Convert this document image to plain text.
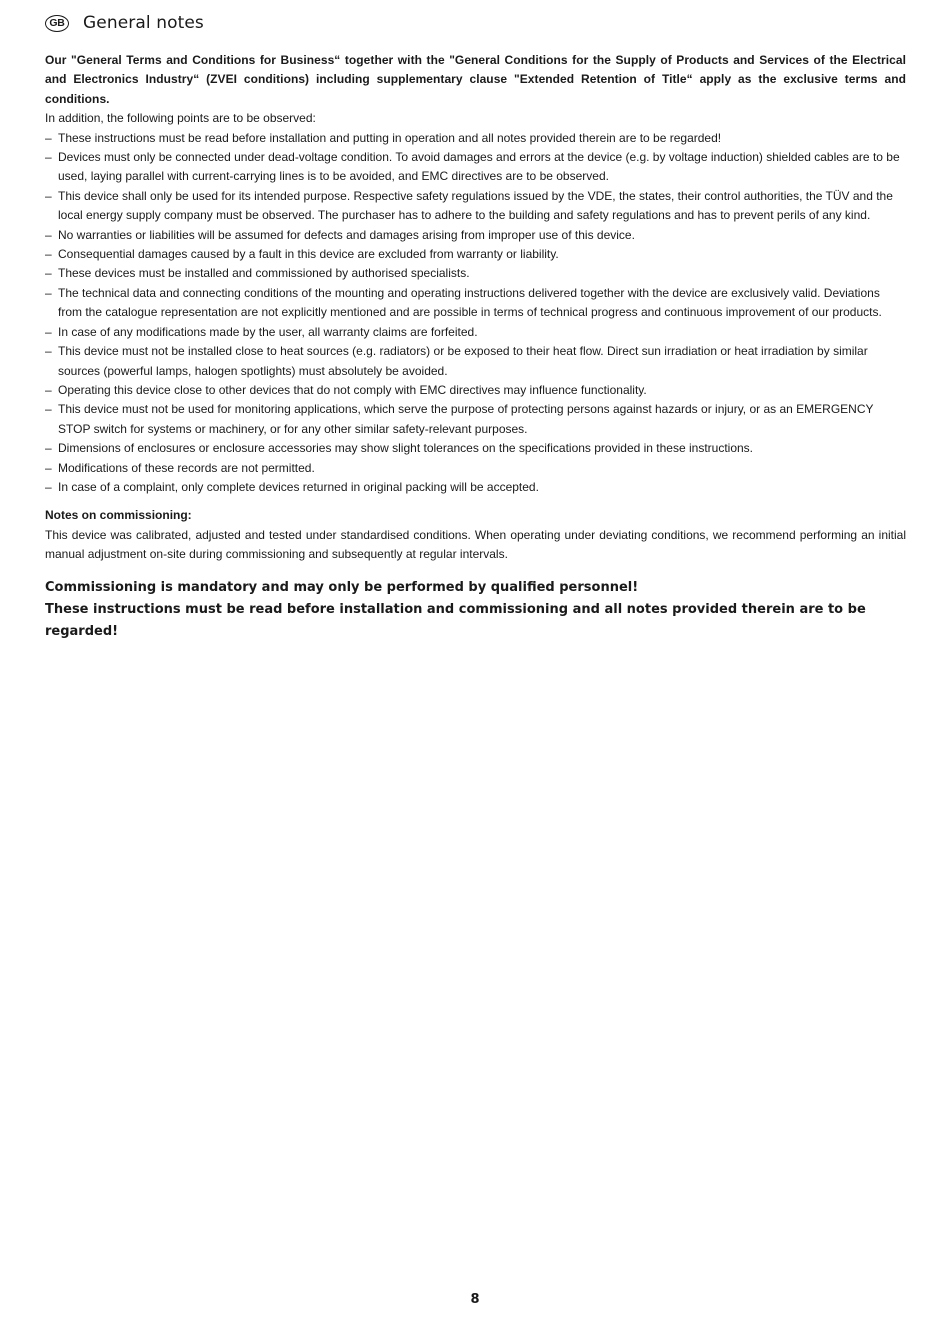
GB General notes
Our "General Terms and Conditions for Business“ together with the "General Conditions for the Supply of Products and Services of the Electrical and Electronics Industry“ (ZVEI conditions) including supplementary clause "Extended Retention of Title“ apply as the exclusive terms and conditions.

In addition, the following points are to be observed:

– These instructions must be read before installation and putting in operation and all notes provided therein are to be regarded!
– Devices must only be connected under dead-voltage condition. To avoid damages and errors at the device (e.g. by voltage induction) shielded cables are to be used, laying parallel with current-carrying lines is to be avoided, and EMC directives are to be observed.
– This device shall only be used for its intended purpose. Respective safety regulations issued by the VDE, the states, their control authorities, the TÜV and the local energy supply company must be observed. The purchaser has to adhere to the building and safety regulations and has to prevent perils of any kind.
– No warranties or liabilities will be assumed for defects and damages arising from improper use of this device.
– Consequential damages caused by a fault in this device are excluded from warranty or liability.
– These devices must be installed and commissioned by authorised specialists.
– The technical data and connecting conditions of the mounting and operating instructions delivered together with the device are exclusively valid. Deviations from the catalogue representation are not explicitly mentioned and are possible in terms of technical progress and continuous improvement of our products.
– In case of any modifications made by the user, all warranty claims are forfeited.
– This device must not be installed close to heat sources (e.g. radiators) or be exposed to their heat flow. Direct sun irradiation or heat irradiation by similar sources (powerful lamps, halogen spotlights) must absolutely be avoided.
– Operating this device close to other devices that do not comply with EMC directives may influence functionality.
– This device must not be used for monitoring applications, which serve the purpose of protecting persons against hazards or injury, or as an EMERGENCY STOP switch for systems or machinery, or for any other similar safety-relevant purposes.
– Dimensions of enclosures or enclosure accessories may show slight tolerances on the specifications provided in these instructions.
– Modifications of these records are not permitted.
– In case of a complaint, only complete devices returned in original packing will be accepted.
Notes on commissioning:
This device was calibrated, adjusted and tested under standardised conditions. When operating under deviating conditions, we recommend performing an initial manual adjustment on-site during commissioning and subsequently at regular intervals.
Commissioning is mandatory and may only be performed by qualified personnel!
These instructions must be read before installation and commissioning and all notes provided therein are to be regarded!
8
